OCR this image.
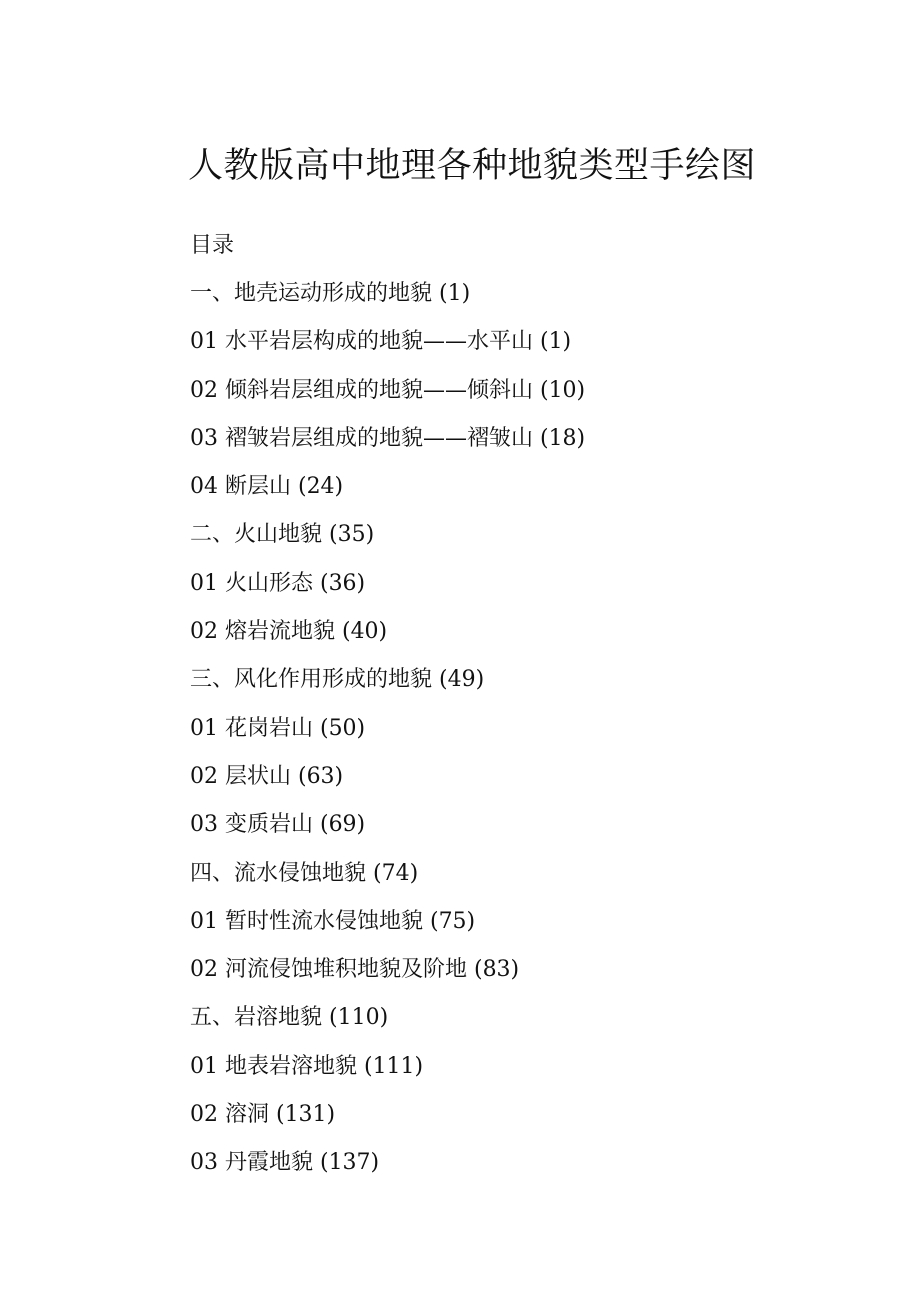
人教版高中地理各种地貌类型手绘图
目录
一、地壳运动形成的地貌 (1)
01 水平岩层构成的地貌——水平山 (1)
02 倾斜岩层组成的地貌——倾斜山 (10)
03 褶皱岩层组成的地貌——褶皱山 (18)
04 断层山 (24)
二、火山地貌 (35)
01 火山形态 (36)
02 熔岩流地貌 (40)
三、风化作用形成的地貌 (49)
01 花岗岩山 (50)
02 层状山 (63)
03 变质岩山 (69)
四、流水侵蚀地貌 (74)
01 暂时性流水侵蚀地貌 (75)
02 河流侵蚀堆积地貌及阶地 (83)
五、岩溶地貌 (110)
01 地表岩溶地貌 (111)
02 溶洞 (131)
03 丹霞地貌 (137)
